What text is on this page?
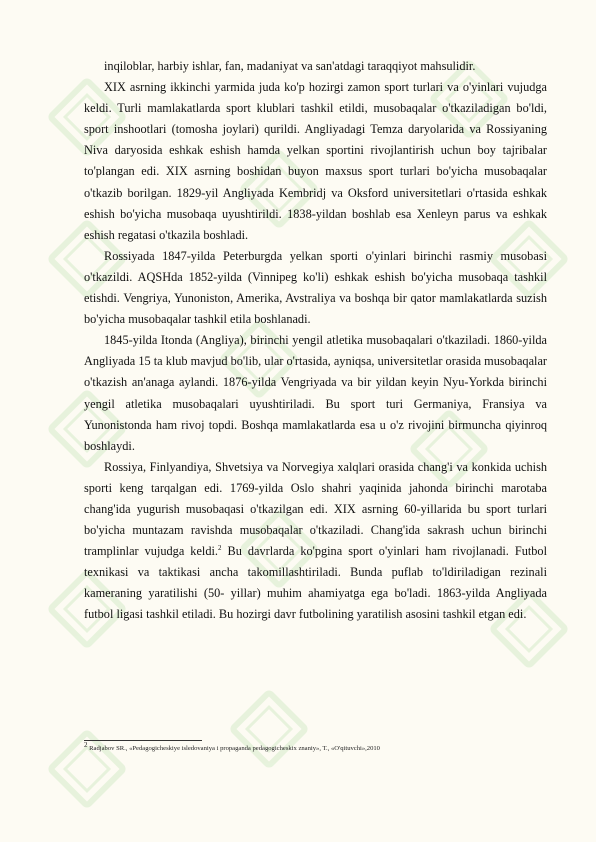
inqiloblar, harbiy ishlar, fan, madaniyat va san'atdagi taraqqiyot mahsulidir.

XIX asrning ikkinchi yarmida juda ko'p hozirgi zamon sport turlari va o'yinlari vujudga keldi. Turli mamlakatlarda sport klublari tashkil etildi, musobaqalar o'tkaziladigan bo'ldi, sport inshootlari (tomosha joylari) qurildi. Angliyadagi Temza daryolarida va Rossiyaning Niva daryosida eshkak eshish hamda yelkan sportini rivojlantirish uchun boy tajribalar to'plangan edi. XIX asrning boshidan buyon maxsus sport turlari bo'yicha musobaqalar o'tkazib borilgan. 1829-yil Angliyada Kembridj va Oksford universitetlari o'rtasida eshkak eshish bo'yicha musobaqa uyushtirildi. 1838-yildan boshlab esa Xenleyn parus va eshkak eshish regatasi o'tkazila boshladi.

Rossiyada 1847-yilda Peterburgda yelkan sporti o'yinlari birinchi rasmiy musobasi o'tkazildi. AQSHda 1852-yilda (Vinnipeg ko'li) eshkak eshish bo'yicha musobaqa tashkil etishdi. Vengriya, Yunoniston, Amerika, Avstraliya va boshqa bir qator mamlakatlarda suzish bo'yicha musobaqalar tashkil etila boshlanadi.

1845-yilda Itonda (Angliya), birinchi yengil atletika musobaqalari o'tkaziladi. 1860-yilda Angliyada 15 ta klub mavjud bo'lib, ular o'rtasida, ayniqsa, universitetlar orasida musobaqalar o'tkazish an'anaga aylandi. 1876-yilda Vengriyada va bir yildan keyin Nyu-Yorkda birinchi yengil atletika musobaqalari uyushtiriladi. Bu sport turi Germaniya, Fransiya va Yunonistonda ham rivoj topdi. Boshqa mamlakatlarda esa u o'z rivojini birmuncha qiyinroq boshlaydi.

Rossiya, Finlyandiya, Shvetsiya va Norvegiya xalqlari orasida chang'i va konkida uchish sporti keng tarqalgan edi. 1769-yilda Oslo shahri yaqinida jahonda birinchi marotaba chang'ida yugurish musobaqasi o'tkazilgan edi. XIX asrning 60-yillarida bu sport turlari bo'yicha muntazam ravishda musobaqalar o'tkaziladi. Chang'ida sakrash uchun birinchi tramplinlar vujudga keldi.$^2$ Bu davrlarda ko'pgina sport o'yinlari ham rivojlanadi. Futbol texnikasi va taktikasi ancha takomillashtiriladi. Bunda puflab to'ldiriladigan rezinali kameraning yaratilishi (50- yillar) muhim ahamiyatga ega bo'ladi. 1863-yilda Angliyada futbol ligasi tashkil etiladi. Bu hozirgi davr futbolining yaratilish asosini tashkil etgan edi.

$^2$ Radjabov SR., «Pedagogicheskiye isledovaniya i propaganda pedagogicheskix znaniy», T., «O'qituvchi»,2010
